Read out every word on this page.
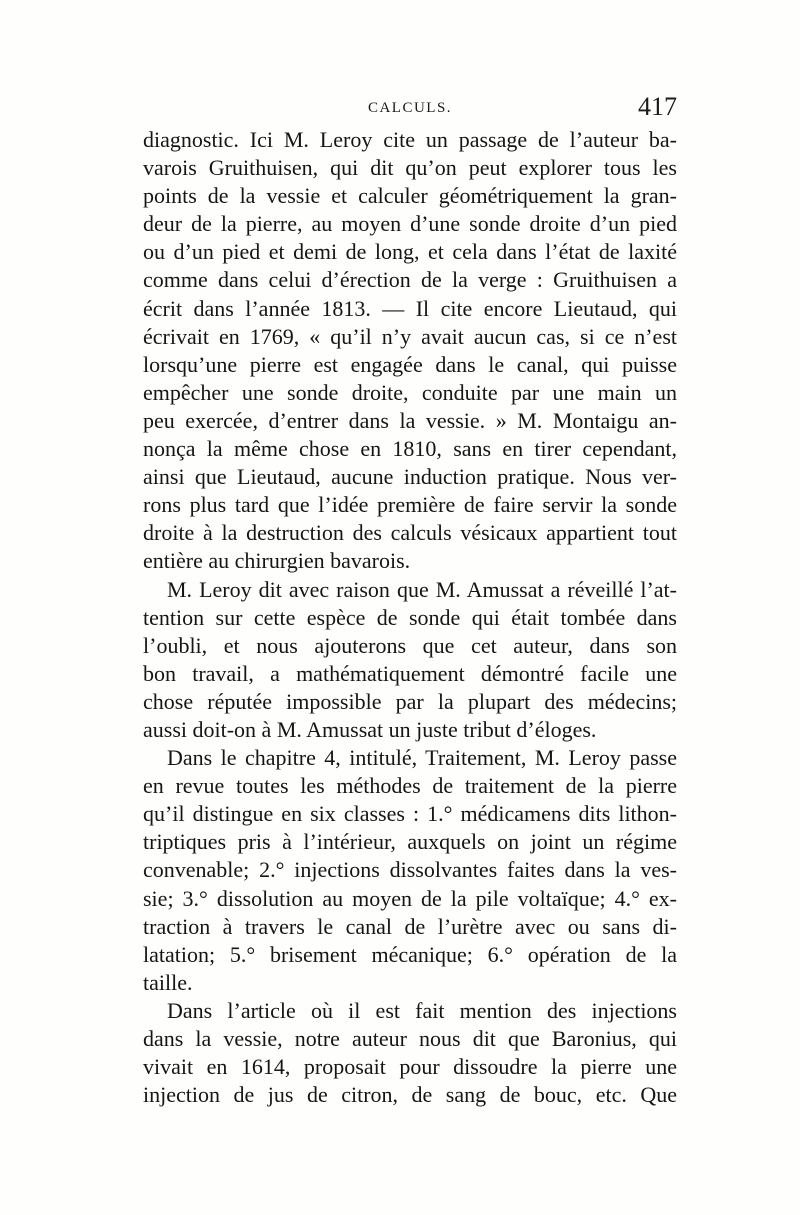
CALCULS.	417
diagnostic. Ici M. Leroy cite un passage de l’auteur ba-
varois Gruithuisen, qui dit qu’on peut explorer tous les
points de la vessie et calculer géométriquement la gran-
deur de la pierre, au moyen d’une sonde droite d’un pied
ou d’un pied et demi de long, et cela dans l’état de laxité
comme dans celui d’érection de la verge : Gruithuisen a
écrit dans l’année 1813. — Il cite encore Lieutaud, qui
écrivait en 1769, « qu’il n’y avait aucun cas, si ce n’est
lorsqu’une pierre est engagée dans le canal, qui puisse
empêcher une sonde droite, conduite par une main un
peu exercée, d’entrer dans la vessie. » M. Montaigu an-
nonça la même chose en 1810, sans en tirer cependant,
ainsi que Lieutaud, aucune induction pratique. Nous ver-
rons plus tard que l’idée première de faire servir la sonde
droite à la destruction des calculs vésicaux appartient tout
entière au chirurgien bavarois.
M. Leroy dit avec raison que M. Amussat a réveillé l’at-
tention sur cette espèce de sonde qui était tombée dans
l’oubli, et nous ajouterons que cet auteur, dans son
bon travail, a mathématiquement démontré facile une
chose réputée impossible par la plupart des médecins;
aussi doit-on à M. Amussat un juste tribut d’éloges.
Dans le chapitre 4, intitulé, Traitement, M. Leroy passe
en revue toutes les méthodes de traitement de la pierre
qu’il distingue en six classes : 1.° médicamens dits lithon-
triptiques pris à l’intérieur, auxquels on joint un régime
convenable; 2.° injections dissolvantes faites dans la ves-
sie; 3.° dissolution au moyen de la pile voltaïque; 4.° ex-
traction à travers le canal de l’urètre avec ou sans di-
latation; 5.° brisement mécanique; 6.° opération de la
taille.
Dans l’article où il est fait mention des injections
dans la vessie, notre auteur nous dit que Baronius, qui
vivait en 1614, proposait pour dissoudre la pierre une
injection de jus de citron, de sang de bouc, etc. Que
